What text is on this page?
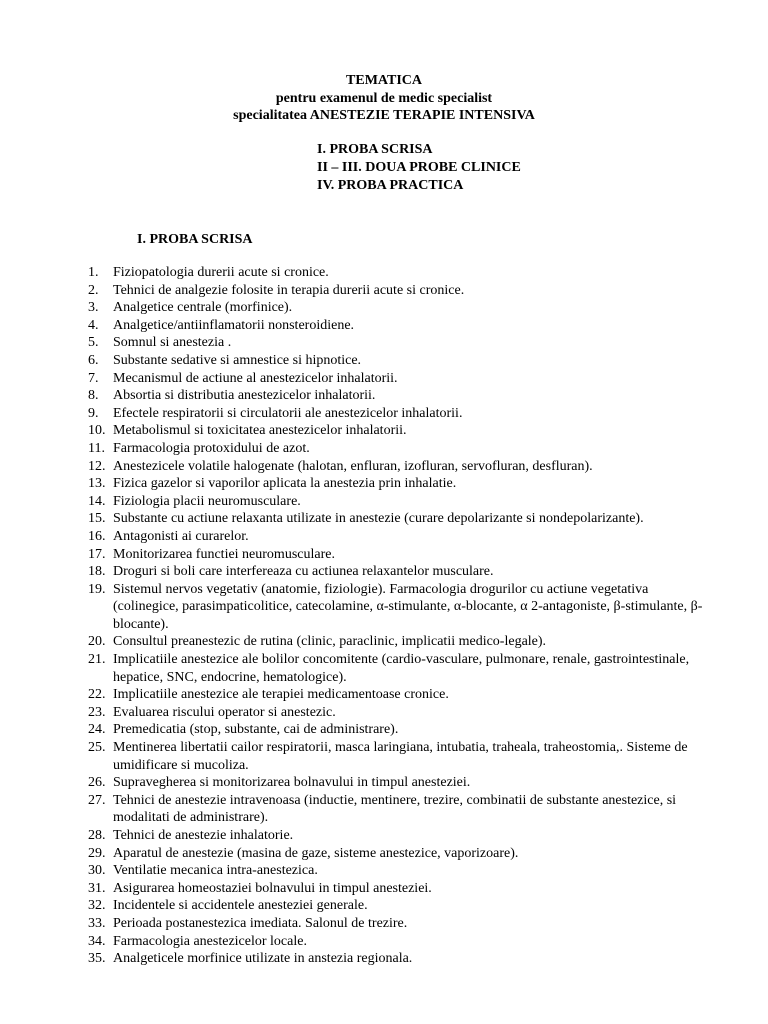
TEMATICA
pentru examenul de medic specialist
specialitatea ANESTEZIE TERAPIE INTENSIVA
I. PROBA SCRISA
II – III. DOUA PROBE CLINICE
IV. PROBA PRACTICA
I. PROBA SCRISA
1.	Fiziopatologia durerii acute si cronice.
2.	Tehnici de analgezie folosite in terapia durerii acute si cronice.
3.	Analgetice centrale (morfinice).
4.	Analgetice/antiinflamatorii nonsteroidiene.
5.	Somnul si anestezia .
6.	Substante sedative si amnestice si hipnotice.
7.	Mecanismul de actiune al anestezicelor inhalatorii.
8.	Absortia si distributia anestezicelor inhalatorii.
9.	Efectele respiratorii si circulatorii ale anestezicelor inhalatorii.
10. Metabolismul si toxicitatea anestezicelor inhalatorii.
11. Farmacologia protoxidului de azot.
12. Anestezicele volatile halogenate (halotan, enfluran, izofluran, servofluran, desfluran).
13. Fizica gazelor si vaporilor aplicata la anestezia prin inhalatie.
14. Fiziologia placii neuromusculare.
15. Substante cu actiune relaxanta utilizate in anestezie (curare depolarizante si nondepolarizante).
16. Antagonisti ai curarelor.
17. Monitorizarea functiei neuromusculare.
18. Droguri si boli care interfereaza cu actiunea relaxantelor musculare.
19. Sistemul nervos vegetativ (anatomie, fiziologie). Farmacologia drogurilor cu actiune vegetativa (colinegice, parasimpaticolitice, catecolamine, α-stimulante, α-blocante, α 2-antagoniste, β-stimulante, β-blocante).
20. Consultul preanestezic de rutina (clinic, paraclinic, implicatii medico-legale).
21. Implicatiile anestezice ale bolilor concomitente (cardio-vasculare, pulmonare, renale, gastrointestinale, hepatice, SNC, endocrine, hematologice).
22. Implicatiile anestezice ale terapiei medicamentoase cronice.
23. Evaluarea riscului operator si anestezic.
24. Premedicatia (stop, substante, cai de administrare).
25. Mentinerea libertatii cailor respiratorii, masca laringiana, intubatia, traheala, traheostomia,. Sisteme de umidificare si mucoliza.
26. Supravegherea si monitorizarea bolnavului in timpul anesteziei.
27. Tehnici de anestezie intravenoasa (inductie, mentinere, trezire, combinatii de substante anestezice, si modalitati de administrare).
28. Tehnici de anestezie inhalatorie.
29. Aparatul de anestezie (masina de gaze, sisteme anestezice, vaporizoare).
30. Ventilatie mecanica intra-anestezica.
31. Asigurarea homeostaziei bolnavului in timpul anesteziei.
32. Incidentele si accidentele anesteziei generale.
33. Perioada postanestezica imediata. Salonul de trezire.
34. Farmacologia anestezicelor locale.
35. Analgeticele morfinice utilizate in anstezia regionala.
